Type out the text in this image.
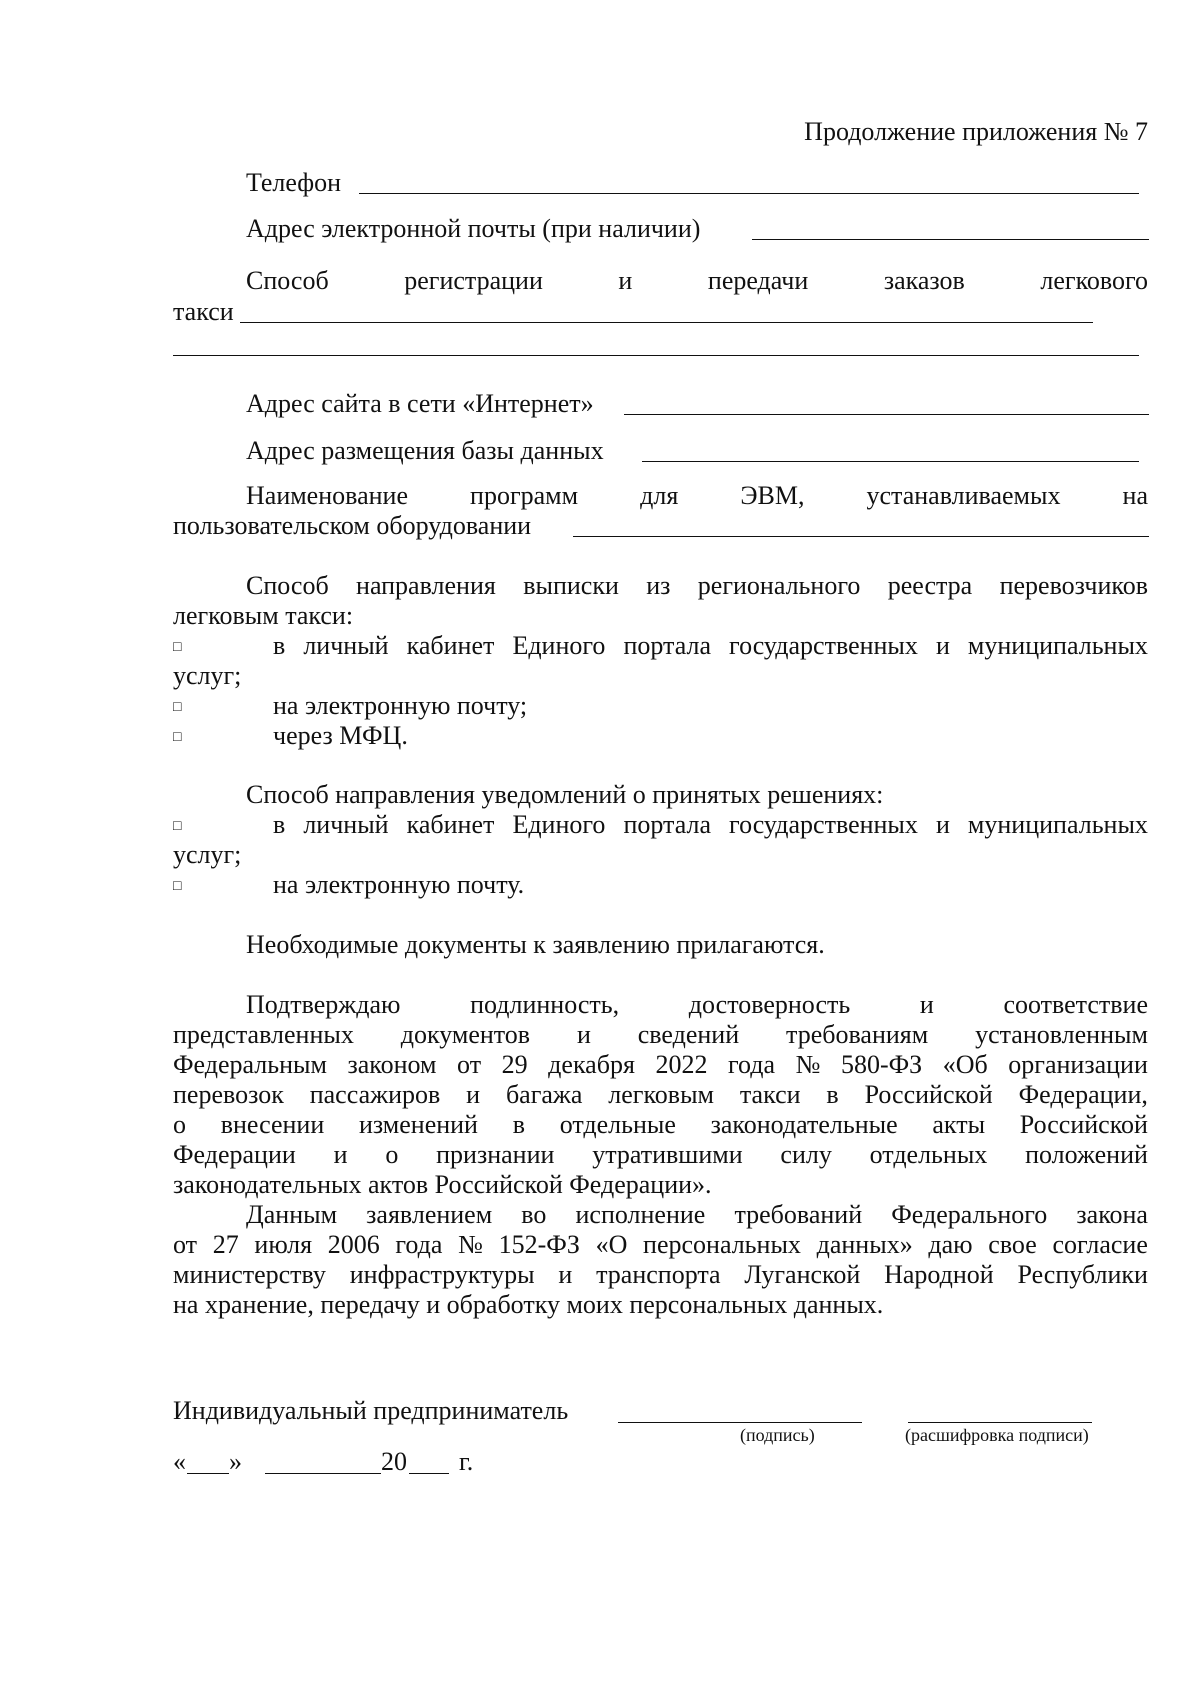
Продолжение приложения № 7
Телефон
Адрес электронной почты (при наличии)
Способ	регистрации	и	передачи	заказов	легкового
такси
Адрес сайта в сети «Интернет»
Адрес размещения базы данных
Наименование программ для ЭВМ, устанавливаемых на
пользовательском оборудовании
Способ направления выписки из регионального реестра перевозчиков
легковым такси:
□	в личный кабинет Единого портала государственных и муниципальных
услуг;
□	на электронную почту;
□	через МФЦ.
Способ направления уведомлений о принятых решениях:
□	в личный кабинет Единого портала государственных и муниципальных
услуг;
□	на электронную почту.
Необходимые документы к заявлению прилагаются.
Подтверждаю	подлинность,	достоверность	и	соответствие
представленных документов и сведений требованиям установленным
Федеральным законом от 29 декабря 2022 года № 580-ФЗ «Об организации
перевозок пассажиров и багажа легковым такси в Российской Федерации,
о внесении изменений в отдельные законодательные акты Российской
Федерации и о признании утратившими силу отдельных положений
законодательных актов Российской Федерации».
Данным заявлением во исполнение требований Федерального закона
от 27 июля 2006 года № 152-ФЗ «О персональных данных» даю свое согласие
министерству инфраструктуры и транспорта Луганской Народной Республики
на хранение, передачу и обработку моих персональных данных.
Индивидуальный предприниматель
(подпись)	(расшифровка подписи)
« »	20 г.
